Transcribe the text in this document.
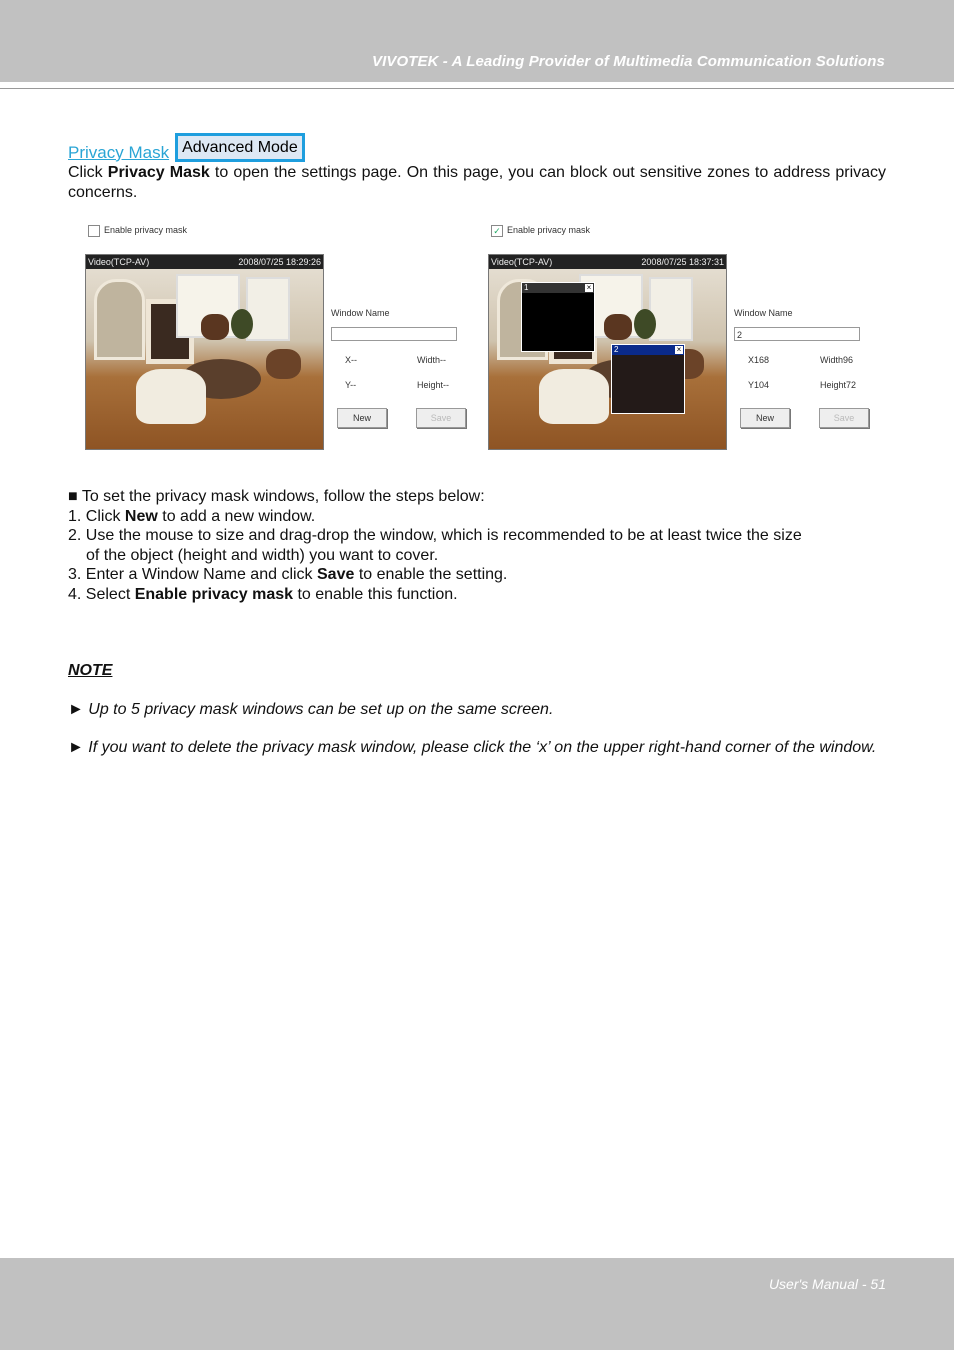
VIVOTEK - A Leading Provider of Multimedia Communication Solutions
Privacy Mask Advanced Mode

Click Privacy Mask to open the settings page. On this page, you can block out sensitive zones to address privacy concerns.

Enable privacy mask
Video(TCP-AV)	2008/07/25 18:29:26
Window Name
X--	Width--
Y--	Height--
New	Save
✓ Enable privacy mask
Video(TCP-AV)	2008/07/25 18:37:31
1	×
2	×
Window Name
2
X168	Width96
Y104	Height72
New	Save
■ To set the privacy mask windows, follow the steps below:
1. Click New to add a new window.
2. Use the mouse to size and drag-drop the window, which is recommended to be at least twice the size
of the object (height and width) you want to cover.
3. Enter a Window Name and click Save to enable the setting.
4. Select Enable privacy mask to enable this function.
NOTE
► Up to 5 privacy mask windows can be set up on the same screen.
► If you want to delete the privacy mask window, please click the ‘x’ on the upper right-hand corner of the window.
User's Manual - 51
